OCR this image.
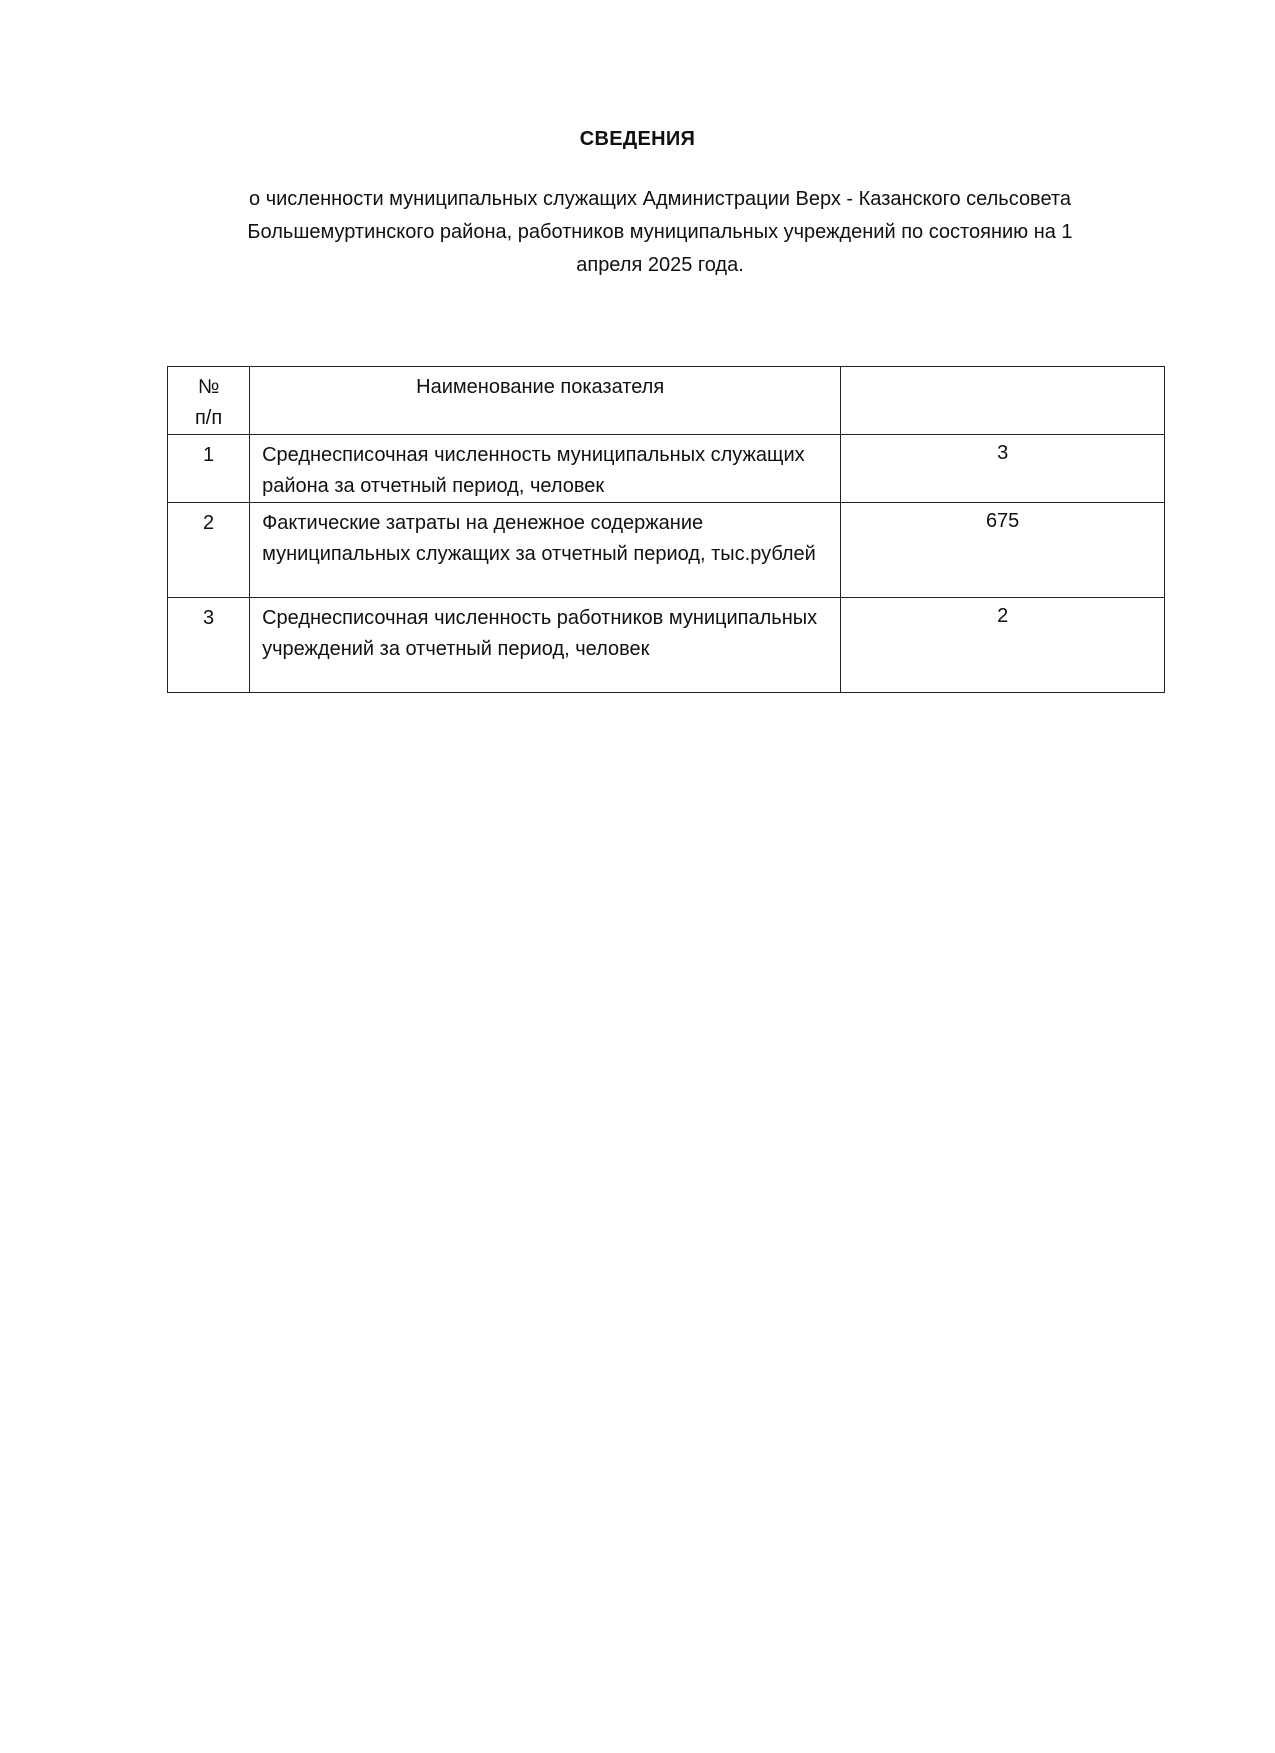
СВЕДЕНИЯ
о численности муниципальных служащих Администрации Верх - Казанского сельсовета
Большемуртинского района, работников муниципальных учреждений по состоянию на 1
апреля 2025 года.
№
п/п	Наименование показателя	
1	Среднесписочная численность муниципальных служащих района за отчетный период, человек	3
2	Фактические затраты на денежное содержание муниципальных служащих за отчетный период, тыс.рублей	675
3	Среднесписочная численность работников муниципальных учреждений за отчетный период, человек	2
